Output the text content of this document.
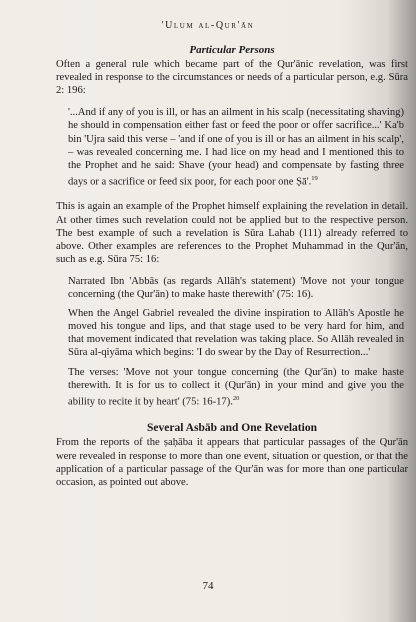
'Ulum al-Qur'ān
Particular Persons

Often a general rule which became part of the Qur'ānic revelation, was first revealed in response to the circumstances or needs of a particular person, e.g. Sūra 2: 196:

'...And if any of you is ill, or has an ailment in his scalp (necessitating shaving) he should in compensation either fast or feed the poor or offer sacrifice...' Ka'b bin 'Ujra said this verse – 'and if one of you is ill or has an ailment in his scalp', – was revealed concerning me. I had lice on my head and I mentioned this to the Prophet and he said: Shave (your head) and compensate by fasting three days or a sacrifice or feed six poor, for each poor one Ṣā'.$^{19}$

This is again an example of the Prophet himself explaining the revelation in detail. At other times such revelation could not be applied but to the respective person. The best example of such a revelation is Sūra Lahab (111) already referred to above. Other examples are references to the Prophet Muhammad in the Qur'ān, such as e.g. Sūra 75: 16:

Narrated Ibn 'Abbās (as regards Allāh's statement) 'Move not your tongue concerning (the Qur'ān) to make haste therewith' (75: 16).

When the Angel Gabriel revealed the divine inspiration to Allāh's Apostle he moved his tongue and lips, and that stage used to be very hard for him, and that movement indicated that revelation was taking place. So Allāh revealed in Sūra al-qiyāma which begins: 'I do swear by the Day of Resurrection...'

The verses: 'Move not your tongue concerning (the Qur'ān) to make haste therewith. It is for us to collect it (Qur'ān) in your mind and give you the ability to recite it by heart' (75: 16-17).$^{20}$

Several Asbāb and One Revelation

From the reports of the ṣaḥāba it appears that particular passages of the Qur'ān were revealed in response to more than one event, situation or question, or that the application of a particular passage of the Qur'ān was for more than one particular occasion, as pointed out above.

74
